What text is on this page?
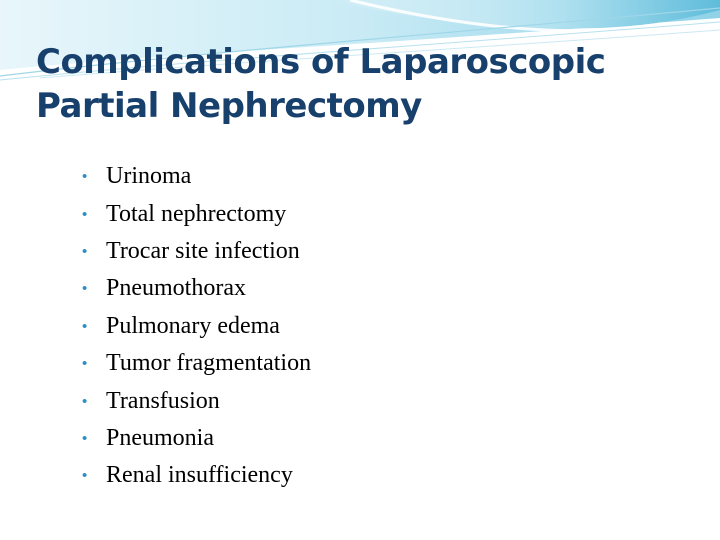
Complications of Laparoscopic
Partial Nephrectomy
• Urinoma
• Total nephrectomy
• Trocar site infection
• Pneumothorax
• Pulmonary edema
• Tumor fragmentation
• Transfusion
• Pneumonia
• Renal insufficiency
